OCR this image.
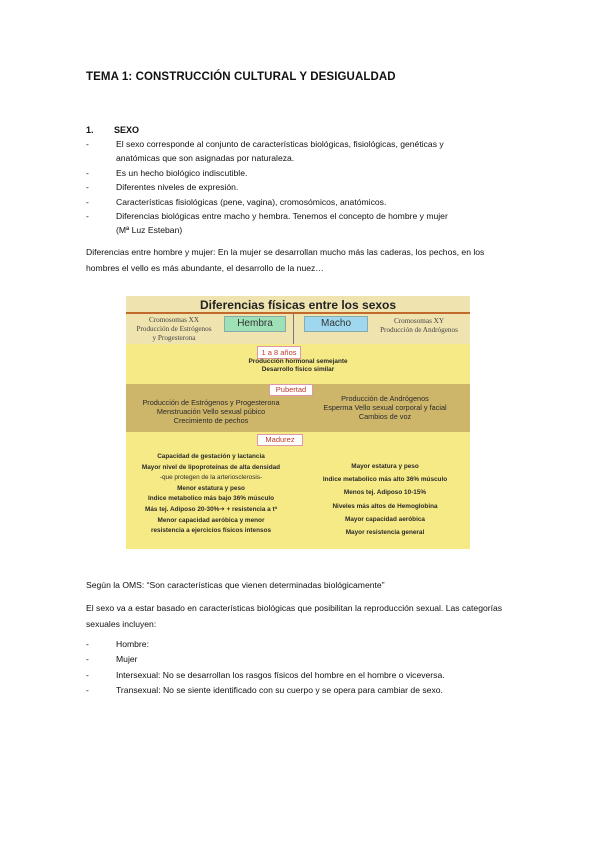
TEMA 1: CONSTRUCCIÓN CULTURAL Y DESIGUALDAD
1. SEXO
-	El sexo corresponde al conjunto de características biológicas, fisiológicas, genéticas y
anatómicas que son asignadas por naturaleza.
-	Es un hecho biológico indiscutible.
-	Diferentes niveles de expresión.
-	Características fisiológicas (pene, vagina), cromosómicos, anatómicos.
-	Diferencias biológicas entre macho y hembra. Tenemos el concepto de hombre y mujer
(Mª Luz Esteban)
Diferencias entre hombre y mujer: En la mujer se desarrollan mucho más las caderas, los pechos, en los hombres el vello es más abundante, el desarrollo de la nuez…
Diferencias físicas entre los sexos
Cromosomas XX
Producción de Estrógenos
y Progesterona
Hembra	Macho	Cromosomas XY
Producción de Andrógenos
1 a 8 años
Producción hormonal semejante
Desarrollo físico similar
Pubertad
Producción de Estrógenos y Progesterona
Menstruación Vello sexual púbico
Crecimiento de pechos
Producción de Andrógenos
Esperma Vello sexual corporal y facial
Cambios de voz
Madurez
Capacidad de gestación y lactancia
Mayor nivel de lipoproteínas de alta densidad
-que protegen de la arteriosclerosis-
Menor estatura y peso
Indice metabolico más bajo 36% músculo
Más tej. Adiposo 20-30%➔ + resistencia a tª
Menor capacidad aeróbica y menor
resistencia a ejercicios físicos intensos
Mayor estatura y peso
Indice metabolico más alto 36% músculo
Menos tej. Adiposo 10-15%
Niveles más altos de Hemoglobina
Mayor capacidad aeróbica
Mayor resistencia general
Según la OMS: “Son características que vienen determinadas biológicamente”
El sexo va a estar basado en características biológicas que posibilitan la reproducción sexual. Las categorías sexuales incluyen:
-	Hombre:
-	Mujer
-	Intersexual: No se desarrollan los rasgos físicos del hombre en el hombre o viceversa.
-	Transexual: No se siente identificado con su cuerpo y se opera para cambiar de sexo.
